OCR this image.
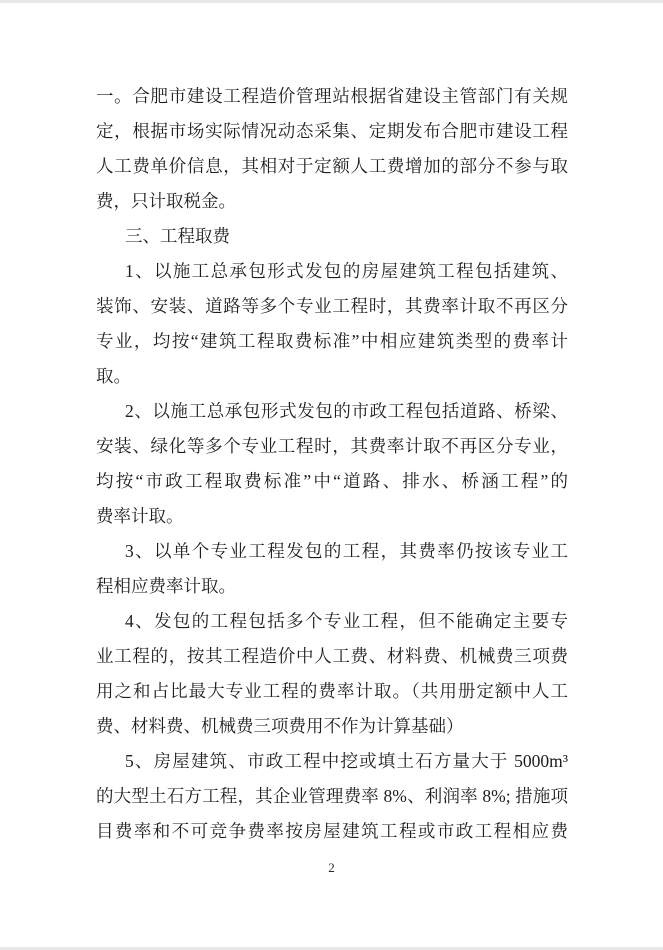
一。合肥市建设工程造价管理站根据省建设主管部门有关规
定，根据市场实际情况动态采集、定期发布合肥市建设工程
人工费单价信息，其相对于定额人工费增加的部分不参与取
费，只计取税金。
三、工程取费
1、以施工总承包形式发包的房屋建筑工程包括建筑、
装饰、安装、道路等多个专业工程时，其费率计取不再区分
专业，均按“建筑工程取费标准”中相应建筑类型的费率计
取。
2、以施工总承包形式发包的市政工程包括道路、桥梁、
安装、绿化等多个专业工程时，其费率计取不再区分专业，
均按“市政工程取费标准”中“道路、排水、桥涵工程”的
费率计取。
3、以单个专业工程发包的工程，其费率仍按该专业工
程相应费率计取。
4、发包的工程包括多个专业工程，但不能确定主要专
业工程的，按其工程造价中人工费、材料费、机械费三项费
用之和占比最大专业工程的费率计取。（共用册定额中人工
费、材料费、机械费三项费用不作为计算基础）
5、房屋建筑、市政工程中挖或填土石方量大于 5000m³
的大型土石方工程，其企业管理费率 8%、利润率 8%; 措施项
目费率和不可竞争费率按房屋建筑工程或市政工程相应费
2
